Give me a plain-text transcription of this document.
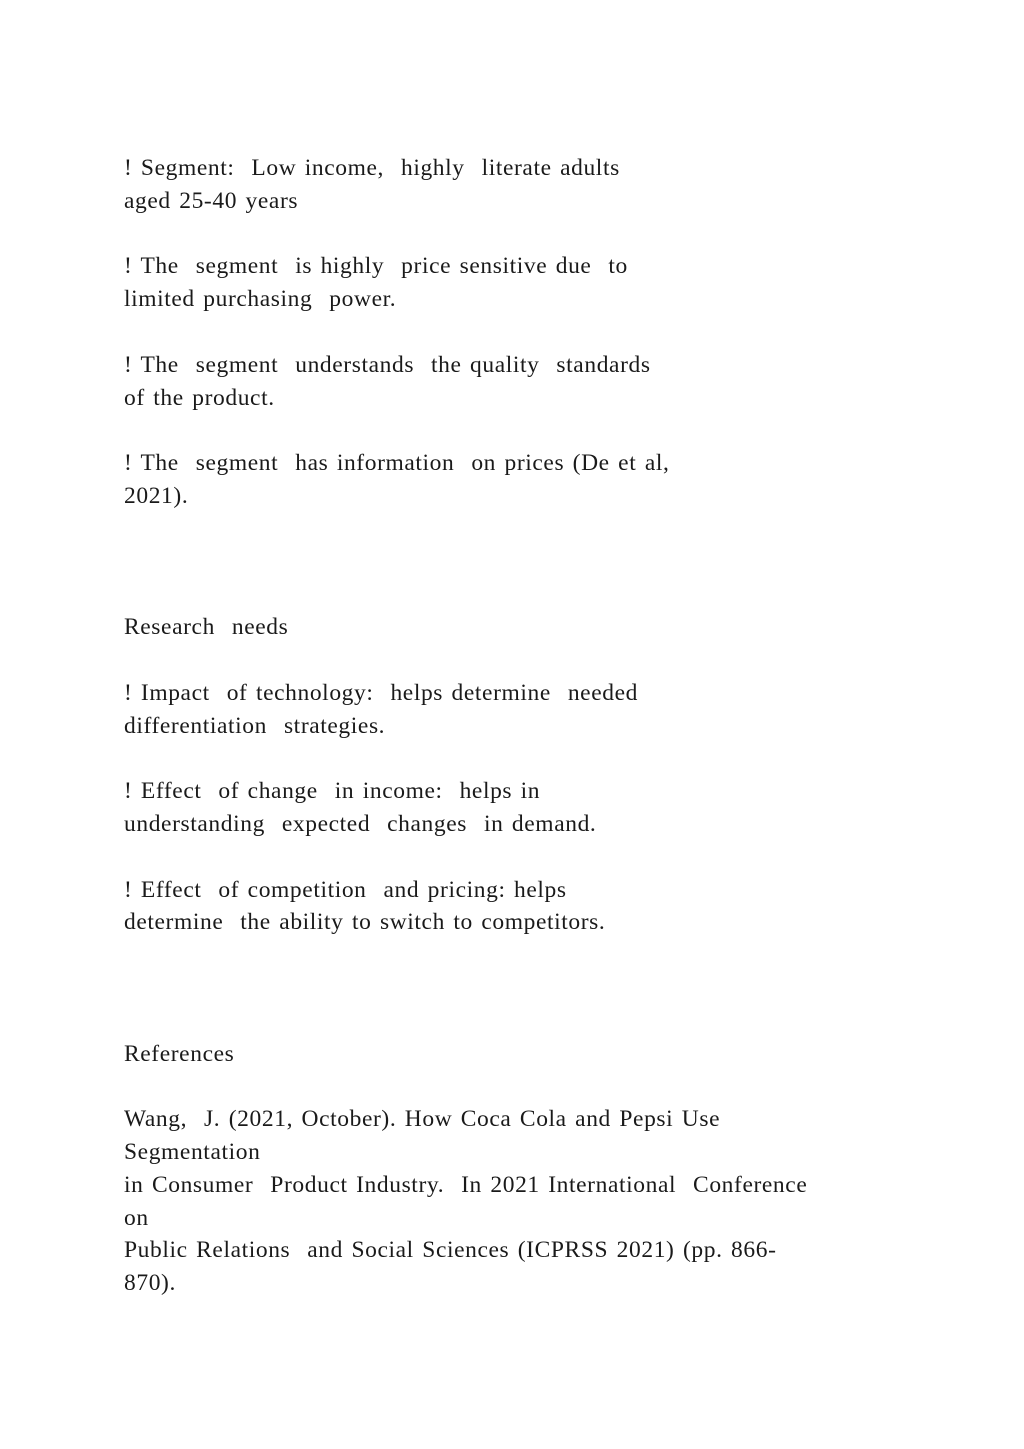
! Segment:  Low income,  highly  literate adults
aged 25-40 years
! The  segment  is highly  price sensitive due  to
limited purchasing  power.
! The  segment  understands  the quality  standards
of the product.
! The  segment  has information  on prices (De et al,
2021).
Research  needs
! Impact  of technology:  helps determine  needed
differentiation  strategies.
! Effect  of change  in income:  helps in
understanding  expected  changes  in demand.
! Effect  of competition  and pricing: helps
determine  the ability to switch to competitors.
References
Wang,  J. (2021, October). How Coca Cola and Pepsi Use
Segmentation
in Consumer  Product Industry.  In 2021 International  Conference
on
Public Relations  and Social Sciences (ICPRSS 2021) (pp. 866-
870).
